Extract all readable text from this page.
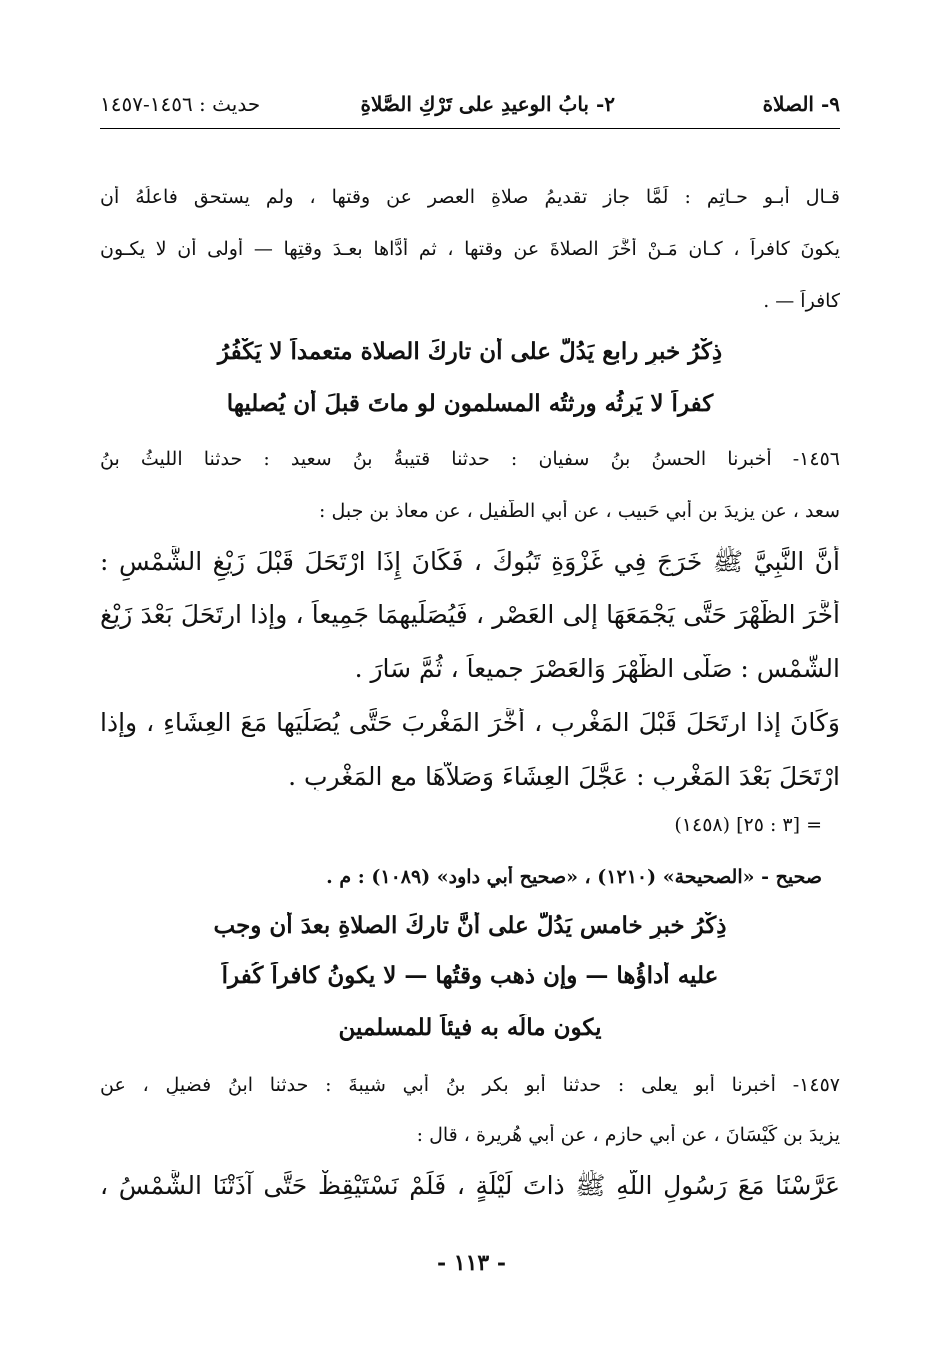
٩- الصلاة
٢- بابُ الوعيدِ على تَرْكِ الصَّلاةِ
حديث : ١٤٥٦-١٤٥٧
قـال أبـو حـاتِم : لَمَّا جاز تقديمُ صلاةِ العصرِ عن وقتها ، ولم يستحق فاعلُهُ أن
يكونَ كافراً ، كـان مَـنْ أَخَّرَ الصلاةَ عن وقتها ، ثم أدَّاها بعـدَ وقتِها — أولى أن لا يكـون
كافراً — .
ذِكْرُ خبرٍ رابعٍ يَدُلُّ على أن تاركَ الصلاة متعمداً لا يَكْفُرُ
كفراً لا يَرِثُه ورثتُه المسلمون لو ماتَ قبلَ أن يُصليها
١٤٥٦- أخبرنا الحسنُ بنُ سفيان : حدثنا قتيبةُ بنُ سعيد : حدثنا الليثُ بنُ
سعد ، عن يزيدَ بن أَبي حَبيب ، عن أبي الطُّفيل ، عن معاذ بن جبل :
أَنَّ النَّبِيَّ ﷺ خَرَجَ فِي غَزْوَةِ تَبُوكَ ، فَكَانَ إِذَا ارْتَحَلَ قَبْلَ زَيْغِ الشَّمْسِ :
أَخَّرَ الظُّهْرَ حَتَّى يَجْمَعَهَا إِلى العَصْرِ ، فَيُصَلِّيهِمَا جَمِيعاً ، وإذا ارتَحَلَ بَعْدَ زَيْغِ
الشَّمْسِ : صَلَّى الظُّهْرَ وَالعَصْرَ جميعاً ، ثُمَّ سَارَ .
وَكَانَ إذا ارتَحَلَ قَبْلَ المَغْرِبِ ، أَخَّرَ المَغْرِبَ حَتَّى يُصَلِّيَها مَعَ العِشَاءِ ، وإذا
ارْتَحَلَ بَعْدَ المَغْرِبِ : عَجَّلَ العِشَاءَ وَصَلاَّهَا مع المَغْرِبِ .
= [٣ : ٢٥] (١٤٥٨)
صحيح - «الصحيحة» (١٢١٠) ، «صحيح أبي داود» (١٠٨٩) : م .
ذِكْرُ خبرٍ خامسٍ يَدُلُّ على أَنَّ تاركَ الصلاةِ بعدَ أن وجب
عليه أداؤُها — وإن ذهب وقتُها — لا يكونُ كافراً كُفراً
يكون مالُه به فيئاً للمسلمين
١٤٥٧- أخبرنا أبو يعلى : حدثنا أبو بكر بنُ أبي شيبةَ : حدثنا ابنُ فضيلٍ ، عن
يزيدَ بن كَيْسَانَ ، عن أبي حازمٍ ، عن أبي هُريرة ، قال :
عَرَّسْنَا مَعَ رَسُولِ اللَّهِ ﷺ ذاتَ لَيْلَةٍ ، فَلَمْ نَسْتَيْقِظْ حَتَّى آذَتْنَا الشَّمْسُ ،
- ١١٣ -
